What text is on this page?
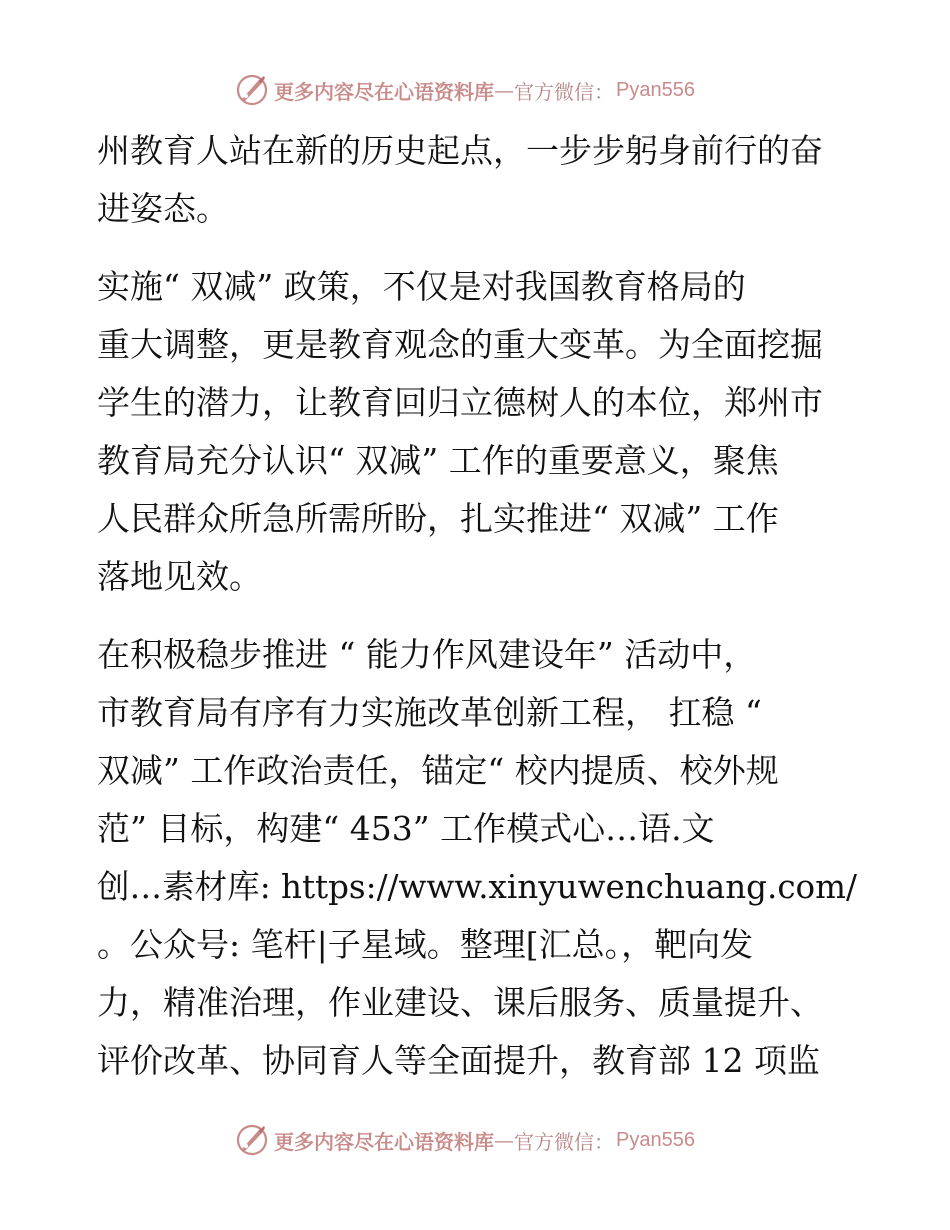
更多内容尽在心语资料库 — 官方微信： Pyan556
州教育人站在新的历史起点，一步步躬身前行的奋
进姿态。
实施“ 双减” 政策，不仅是对我国教育格局的
重大调整，更是教育观念的重大变革。为全面挖掘
学生的潜力，让教育回归立德树人的本位，郑州市
教育局充分认识“ 双减” 工作的重要意义，聚焦
人民群众所急所需所盼，扎实推进“ 双减” 工作
落地见效。
在积极稳步推进 “ 能力作风建设年” 活动中，
市教育局有序有力实施改革创新工程， 扛稳 “
双减” 工作政治责任，锚定“ 校内提质、校外规
范” 目标，构建“ 453” 工作模式心…语.文
创…素材库: https://www.xinyuwenchuang.com/
。公众号: 笔杆|子星域。整理[汇总。，靶向发
力，精准治理，作业建设、课后服务、质量提升、
评价改革、协同育人等全面提升，教育部 12 项监
更多内容尽在心语资料库 — 官方微信： Pyan556
